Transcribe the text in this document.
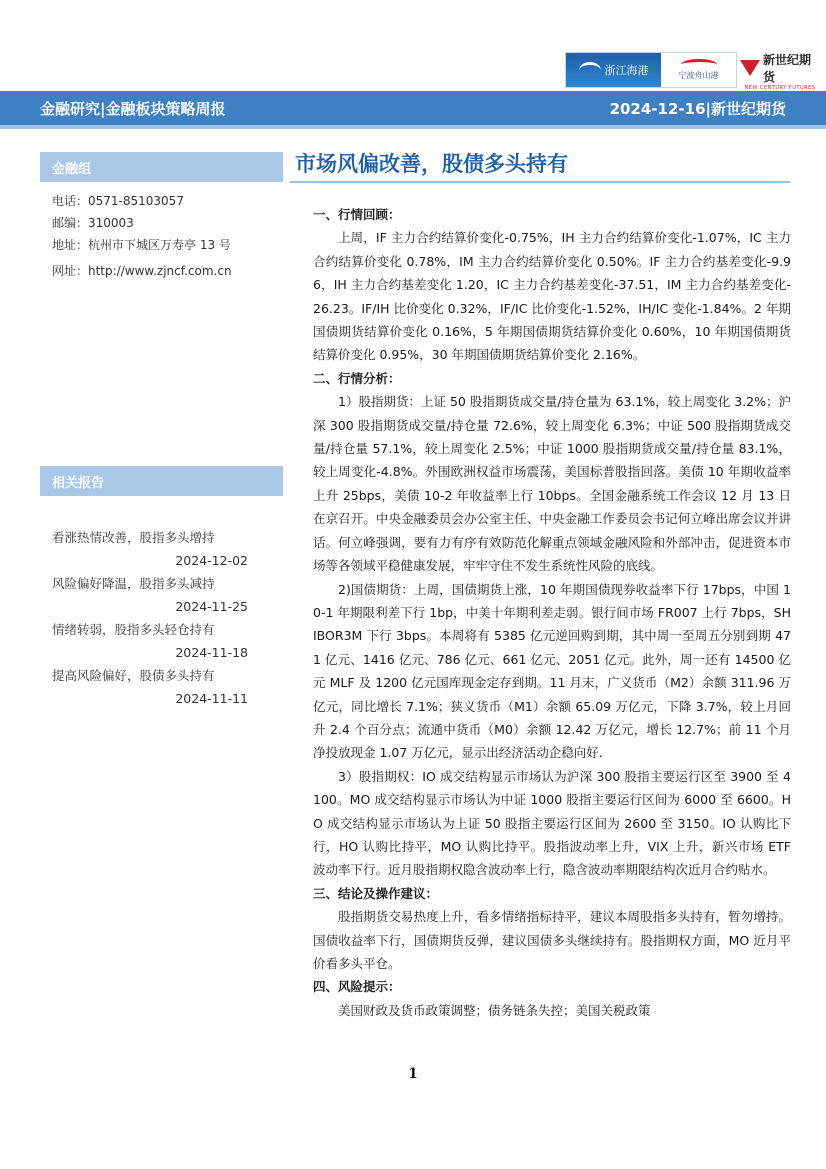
浙江海港	宁波舟山港
新世纪期货
NEW CENTURY FUTURES
金融研究|金融板块策略周报	2024-12-16|新世纪期货
金融组
电话：0571-85103057
邮编：310003
地址：杭州市下城区万寿亭 13 号
网址：http://www.zjncf.com.cn
相关报告
看涨热情改善，股指多头增持
2024-12-02
风险偏好降温，股指多头减持
2024-11-25
情绪转弱，股指多头轻仓持有
2024-11-18
提高风险偏好，股债多头持有
2024-11-11
市场风偏改善，股债多头持有
一、行情回顾：

上周，IF 主力合约结算价变化-0.75%，IH 主力合约结算价变化-1.07%，IC 主力合约结算价变化 0.78%，IM 主力合约结算价变化 0.50%。IF 主力合约基差变化-9.96，IH 主力合约基差变化 1.20，IC 主力合约基差变化-37.51，IM 主力合约基差变化-26.23。IF/IH 比价变化 0.32%，IF/IC 比价变化-1.52%，IH/IC 变化-1.84%。2 年期国债期货结算价变化 0.16%，5 年期国债期货结算价变化 0.60%，10 年期国债期货结算价变化 0.95%，30 年期国债期货结算价变化 2.16%。

二、行情分析：

1）股指期货：上证 50 股指期货成交量/持仓量为 63.1%，较上周变化 3.2%；沪深 300 股指期货成交量/持仓量 72.6%，较上周变化 6.3%；中证 500 股指期货成交量/持仓量 57.1%，较上周变化 2.5%；中证 1000 股指期货成交量/持仓量 83.1%，较上周变化-4.8%。外围欧洲权益市场震荡，美国标普股指回落。美债 10 年期收益率上升 25bps，美债 10-2 年收益率上行 10bps。全国金融系统工作会议 12 月 13 日在京召开。中央金融委员会办公室主任、中央金融工作委员会书记何立峰出席会议并讲话。何立峰强调，要有力有序有效防范化解重点领域金融风险和外部冲击，促进资本市场等各领域平稳健康发展，牢牢守住不发生系统性风险的底线。

2)国债期货：上周，国债期货上涨，10 年期国债现券收益率下行 17bps，中国 10-1 年期限利差下行 1bp，中美十年期利差走弱。银行间市场 FR007 上行 7bps，SHIBOR3M 下行 3bps。本周将有 5385 亿元逆回购到期，其中周一至周五分别到期 471 亿元、1416 亿元、786 亿元、661 亿元、2051 亿元。此外，周一还有 14500 亿元 MLF 及 1200 亿元国库现金定存到期。11 月末，广义货币（M2）余额 311.96 万亿元，同比增长 7.1%；狭义货币（M1）余额 65.09 万亿元，下降 3.7%，较上月回升 2.4 个百分点；流通中货币（M0）余额 12.42 万亿元，增长 12.7%；前 11 个月净投放现金 1.07 万亿元，显示出经济活动企稳向好.

3）股指期权：IO 成交结构显示市场认为沪深 300 股指主要运行区至 3900 至 4100。MO 成交结构显示市场认为中证 1000 股指主要运行区间为 6000 至 6600。HO 成交结构显示市场认为上证 50 股指主要运行区间为 2600 至 3150。IO 认购比下行，HO 认购比持平，MO 认购比持平。股指波动率上升，VIX 上升，新兴市场 ETF 波动率下行。近月股指期权隐含波动率上行，隐含波动率期限结构次近月合约贴水。

三、结论及操作建议：

股指期货交易热度上升，看多情绪指标持平，建议本周股指多头持有，暂勿增持。国债收益率下行，国债期货反弹，建议国债多头继续持有。股指期权方面，MO 近月平价看多头平仓。

四、风险提示：

美国财政及货币政策调整；债务链条失控；美国关税政策

1
